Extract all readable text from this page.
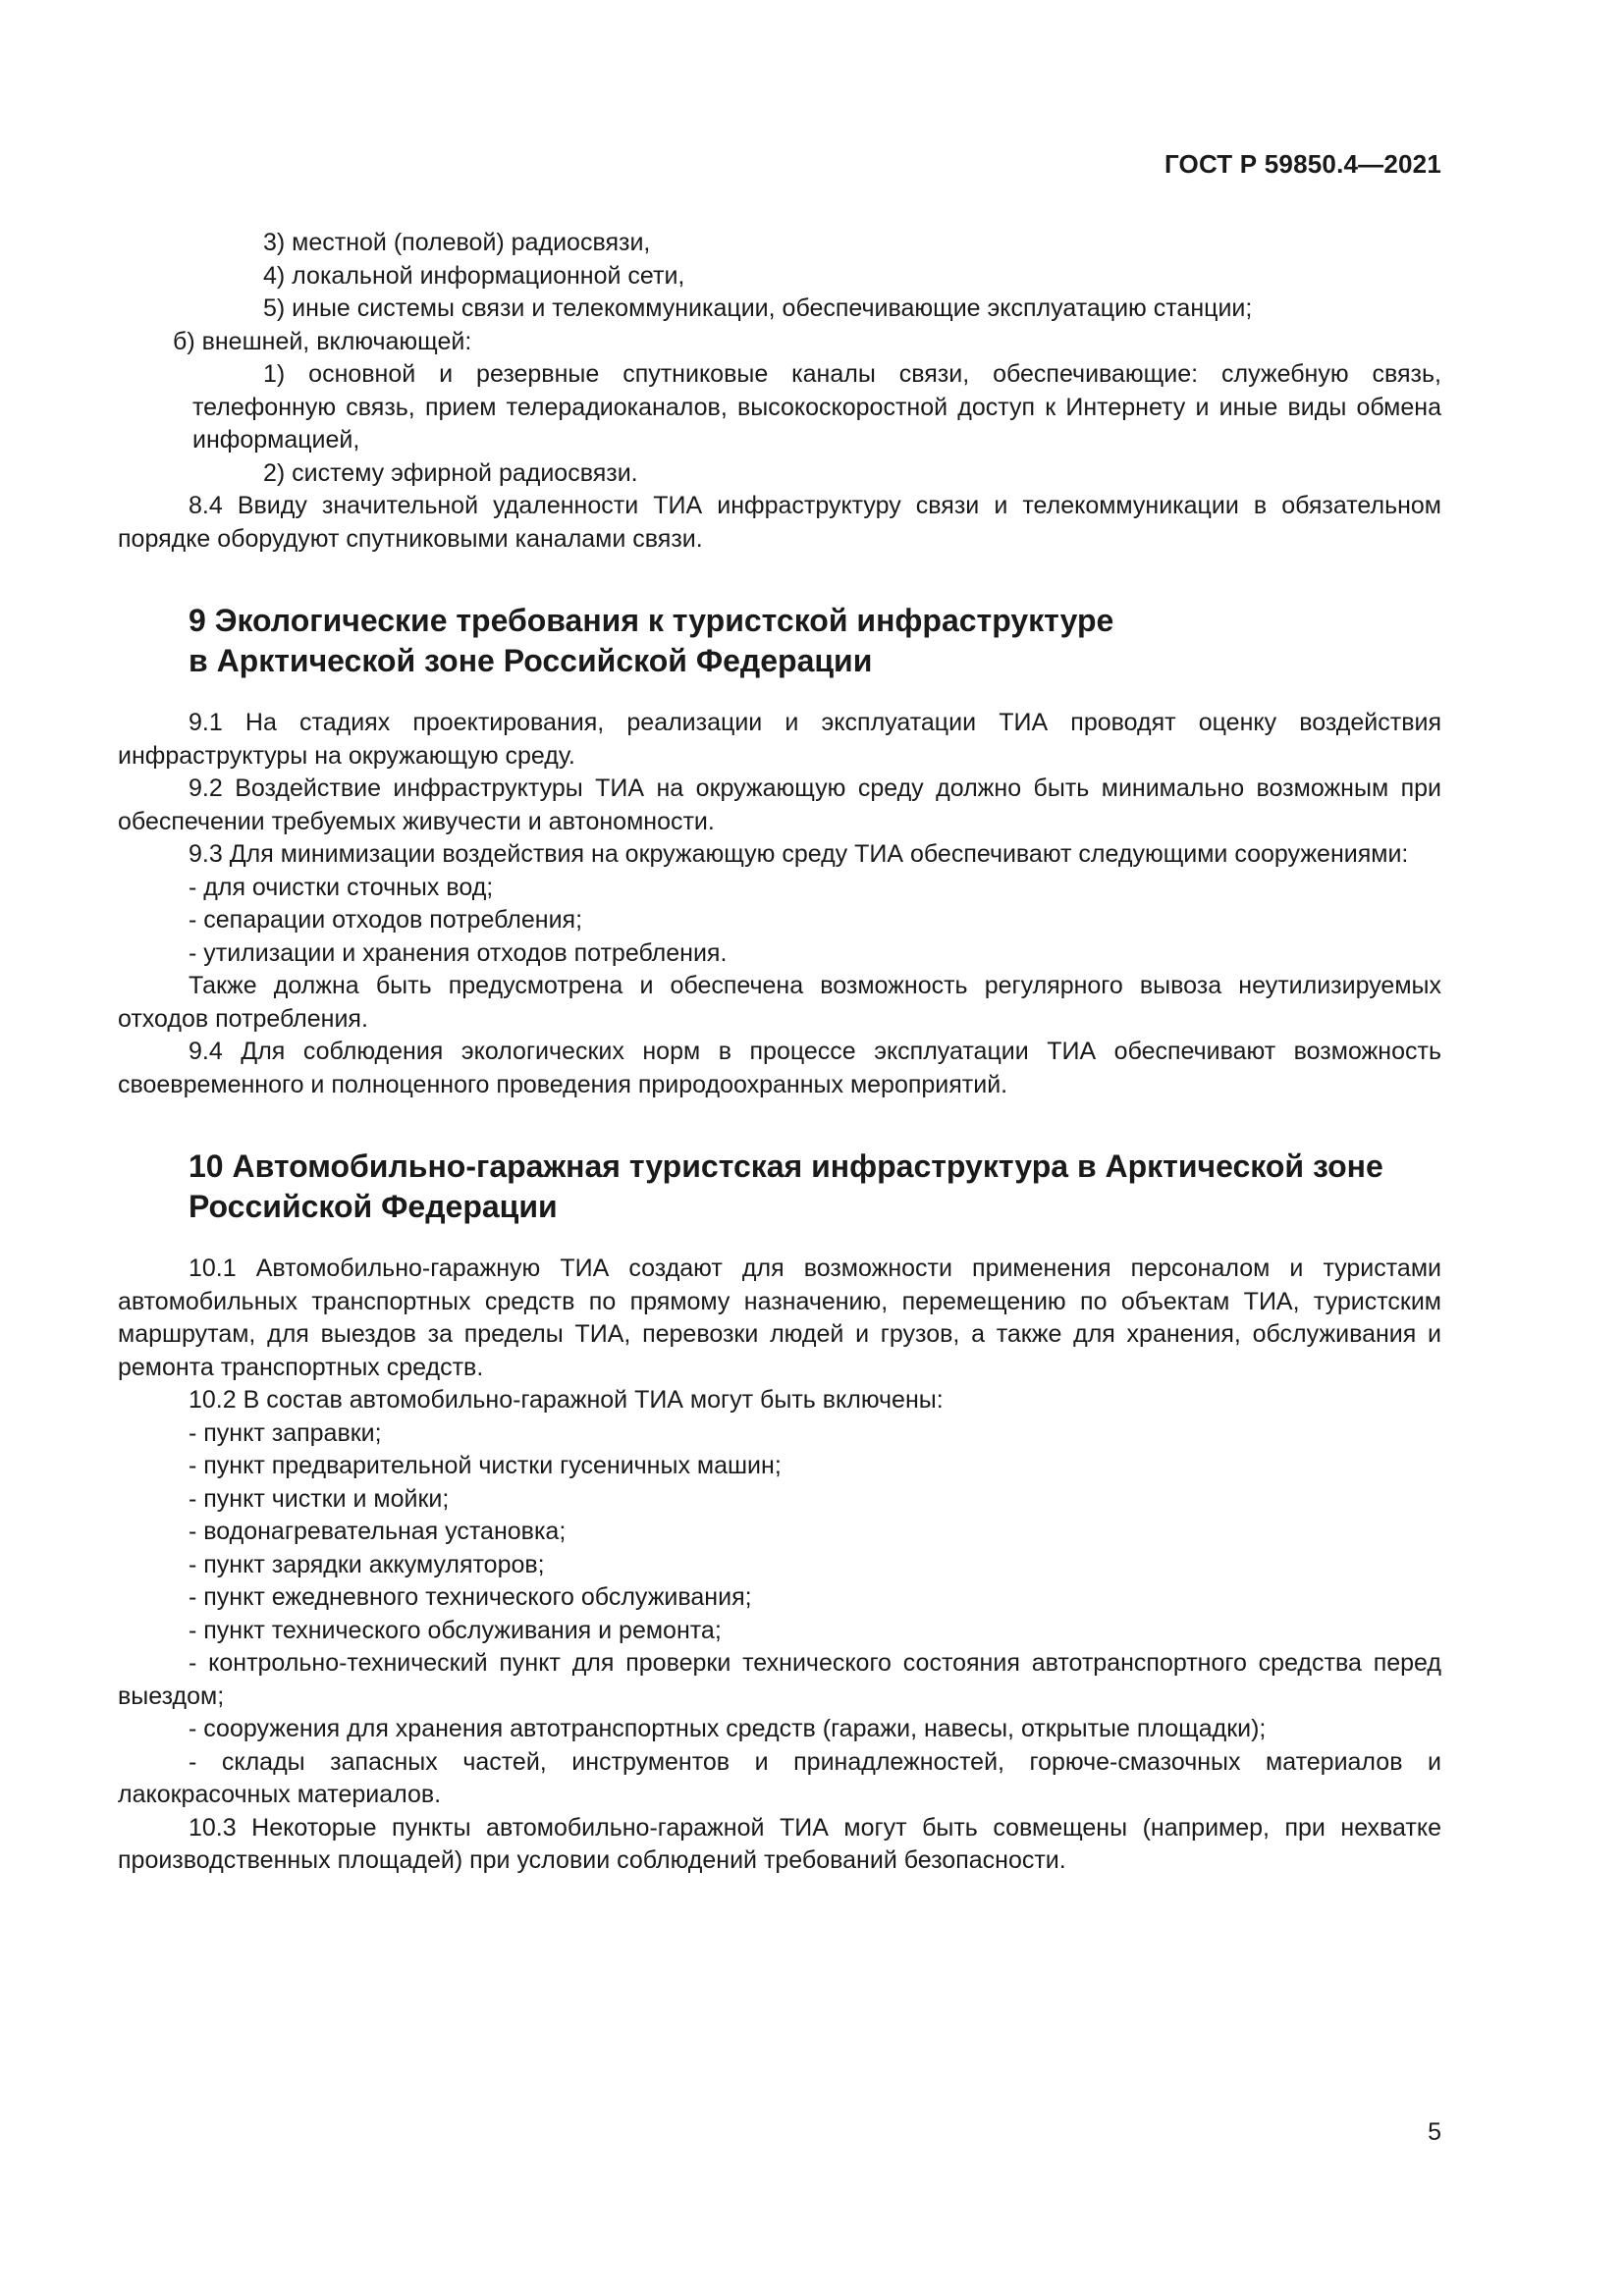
ГОСТ Р 59850.4—2021

3) местной (полевой) радиосвязи,

4) локальной информационной сети,

5) иные системы связи и телекоммуникации, обеспечивающие эксплуатацию станции;

б) внешней, включающей:

1) основной и резервные спутниковые каналы связи, обеспечивающие: служебную связь, телефонную связь, прием телерадиоканалов, высокоскоростной доступ к Интернету и иные виды обмена информацией,

2) систему эфирной радиосвязи.

8.4 Ввиду значительной удаленности ТИА инфраструктуру связи и телекоммуникации в обязательном порядке оборудуют спутниковыми каналами связи.

9 Экологические требования к туристской инфраструктуре
в Арктической зоне Российской Федерации

9.1 На стадиях проектирования, реализации и эксплуатации ТИА проводят оценку воздействия инфраструктуры на окружающую среду.

9.2 Воздействие инфраструктуры ТИА на окружающую среду должно быть минимально возможным при обеспечении требуемых живучести и автономности.

9.3 Для минимизации воздействия на окружающую среду ТИА обеспечивают следующими сооружениями:

- для очистки сточных вод;

- сепарации отходов потребления;

- утилизации и хранения отходов потребления.

Также должна быть предусмотрена и обеспечена возможность регулярного вывоза неутилизируемых отходов потребления.

9.4 Для соблюдения экологических норм в процессе эксплуатации ТИА обеспечивают возможность своевременного и полноценного проведения природоохранных мероприятий.

10 Автомобильно-гаражная туристская инфраструктура в Арктической зоне
Российской Федерации

10.1 Автомобильно-гаражную ТИА создают для возможности применения персоналом и туристами автомобильных транспортных средств по прямому назначению, перемещению по объектам ТИА, туристским маршрутам, для выездов за пределы ТИА, перевозки людей и грузов, а также для хранения, обслуживания и ремонта транспортных средств.

10.2 В состав автомобильно-гаражной ТИА могут быть включены:

- пункт заправки;

- пункт предварительной чистки гусеничных машин;

- пункт чистки и мойки;

- водонагревательная установка;

- пункт зарядки аккумуляторов;

- пункт ежедневного технического обслуживания;

- пункт технического обслуживания и ремонта;

- контрольно-технический пункт для проверки технического состояния автотранспортного средства перед выездом;

- сооружения для хранения автотранспортных средств (гаражи, навесы, открытые площадки);

- склады запасных частей, инструментов и принадлежностей, горюче-смазочных материалов и лакокрасочных материалов.

10.3 Некоторые пункты автомобильно-гаражной ТИА могут быть совмещены (например, при нехватке производственных площадей) при условии соблюдений требований безопасности.

5
